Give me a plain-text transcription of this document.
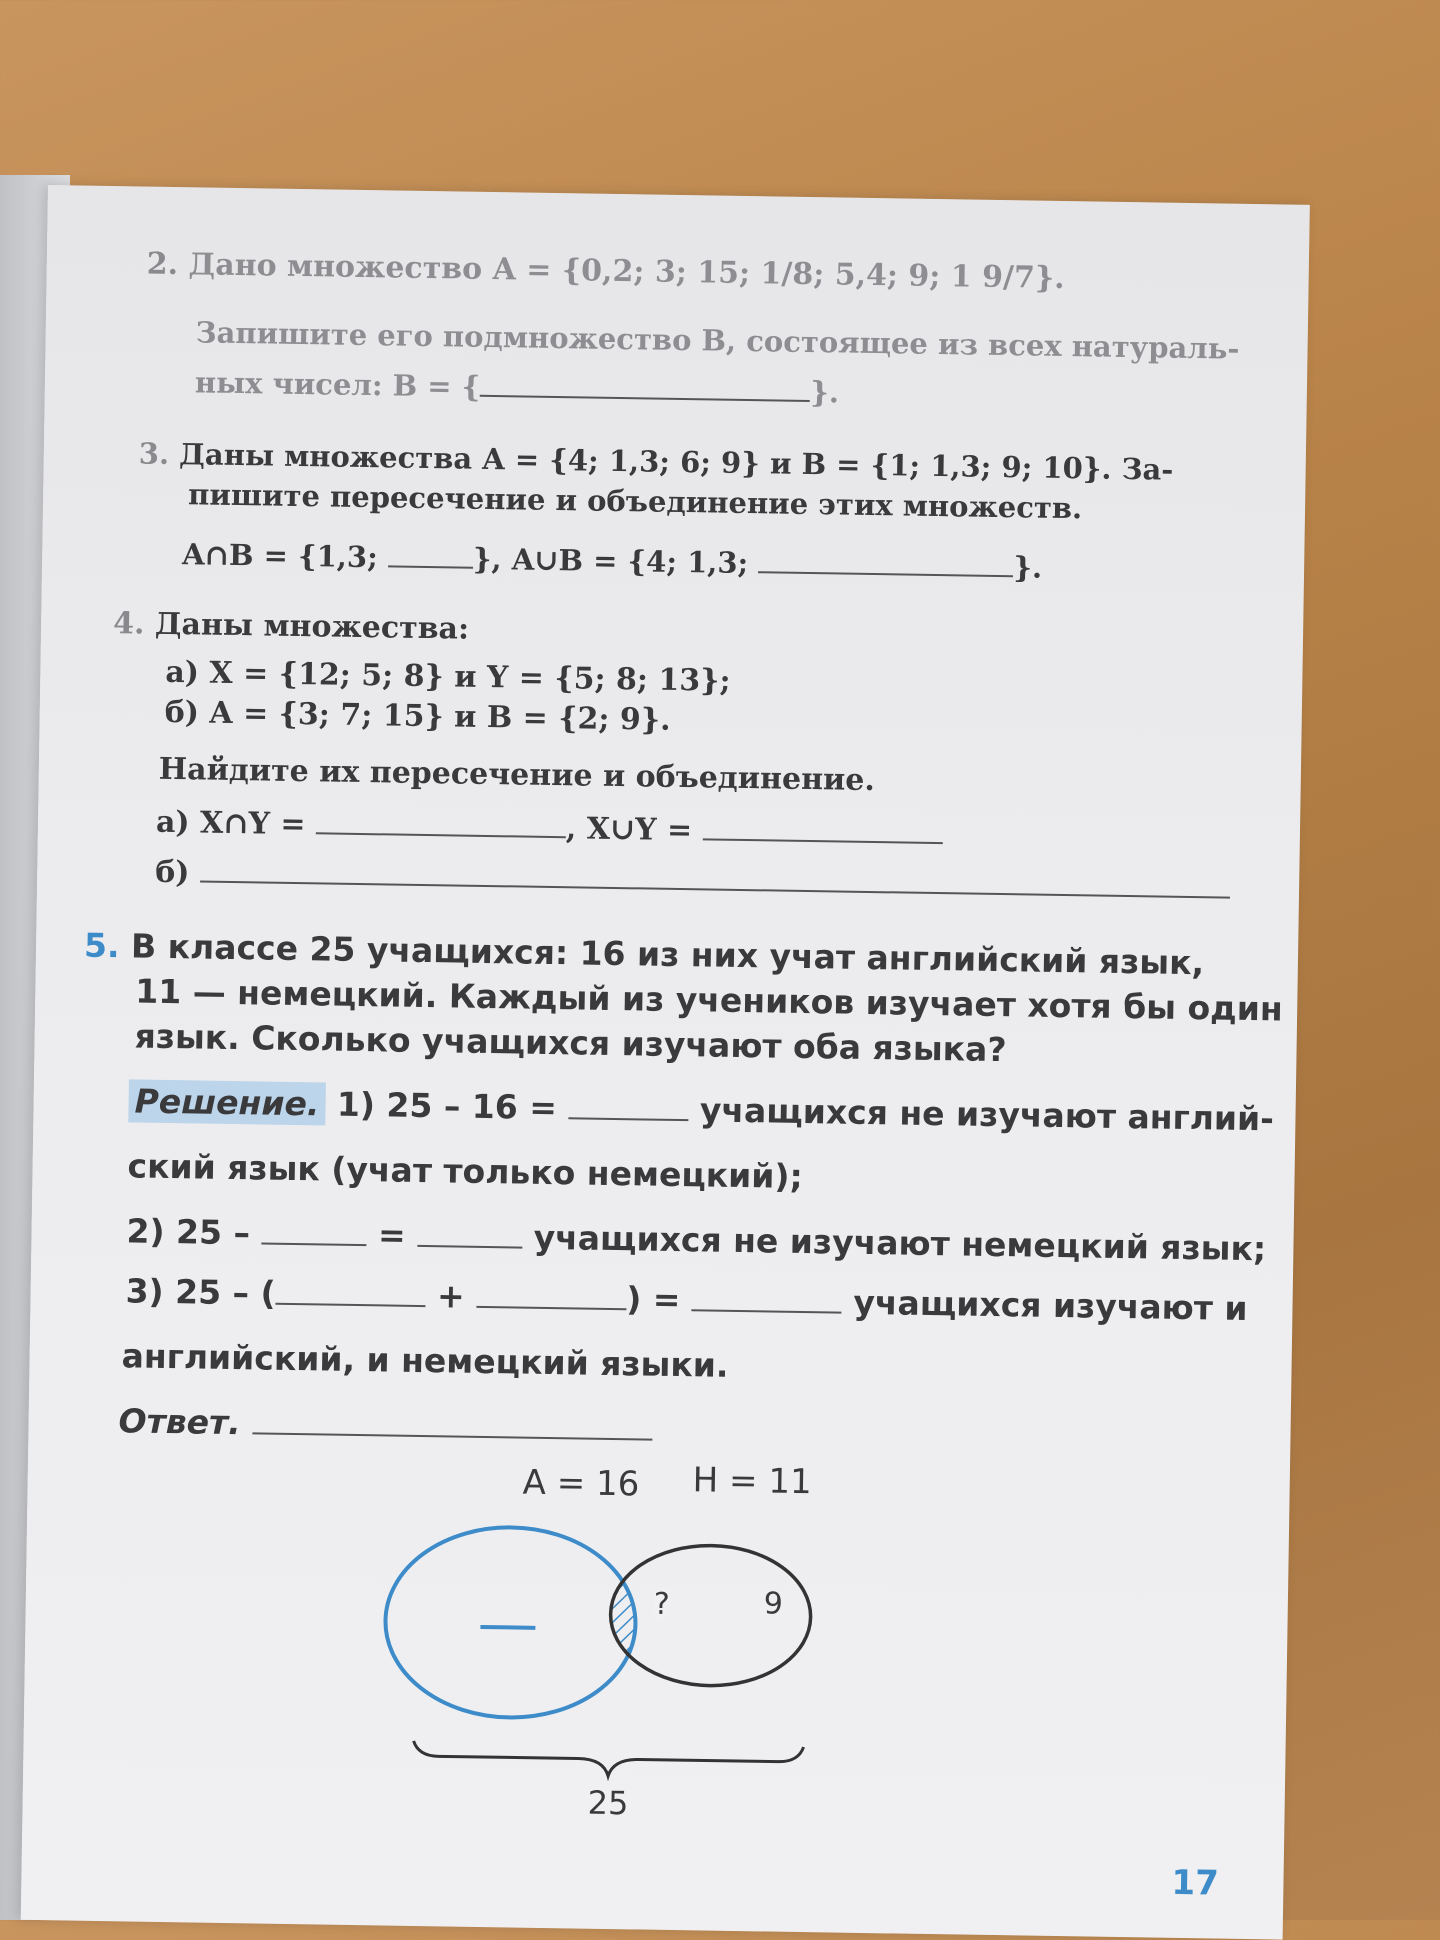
2. Дано множество A = {0,2; 3; 15; 1/8; 5,4; 9; 1 9/7}.
Запишите его подмножество B, состоящее из всех натураль-
ных чисел: B = {	}.
3. Даны множества A = {4; 1,3; 6; 9} и B = {1; 1,3; 9; 10}. За-
пишите пересечение и объединение этих множеств.
A∩B = {1,3;	}, A∪B = {4; 1,3;	}.
4. Даны множества:
а) X = {12; 5; 8} и Y = {5; 8; 13};
б) A = {3; 7; 15} и B = {2; 9}.
Найдите их пересечение и объединение.
а) X∩Y =	, X∪Y =
б)
5. В классе 25 учащихся: 16 из них учат английский язык,
11 — немецкий. Каждый из учеников изучает хотя бы один
язык. Сколько учащихся изучают оба языка?
Решение. 1) 25 – 16 =	учащихся не изучают англий-
ский язык (учат только немецкий);
2) 25 –	=	учащихся не изучают немецкий язык;
3) 25 – (	+	) =	учащихся изучают и
английский, и немецкий языки.
Ответ.
A = 16 H = 11
?	9
25
17
